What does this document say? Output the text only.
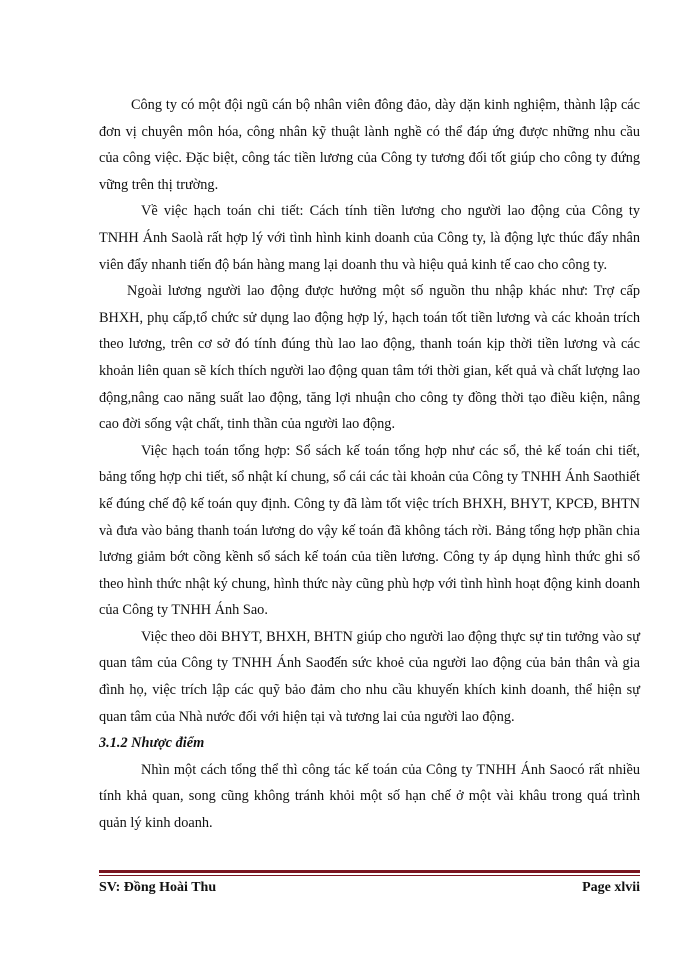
Công ty có một đội ngũ cán bộ nhân viên đông đảo, dày dặn kinh nghiệm, thành lập các đơn vị chuyên môn hóa, công nhân kỹ thuật lành nghề có thể đáp ứng được những nhu cầu của công việc. Đặc biệt, công tác tiền lương của Công ty tương đối tốt giúp cho công ty đứng vững trên thị trường.

Về việc hạch toán chi tiết: Cách tính tiền lương cho người lao động của Công ty TNHH Ánh Saolà rất hợp lý với tình hình kinh doanh của Công ty, là động lực thúc đẩy nhân viên đẩy nhanh tiến độ bán hàng mang lại doanh thu và hiệu quả kinh tế cao cho công ty.

Ngoài lương người lao động được hưởng một số nguồn thu nhập khác như: Trợ cấp BHXH, phụ cấp,tổ chức sử dụng lao động hợp lý, hạch toán tốt tiền lương và các khoản trích theo lương, trên cơ sở đó tính đúng thù lao lao động, thanh toán kịp thời tiền lương và các khoản liên quan sẽ kích thích người lao động quan tâm tới thời gian, kết quả và chất lượng lao động,nâng cao năng suất lao động, tăng lợi nhuận cho công ty đồng thời tạo điều kiện, nâng cao đời sống vật chất, tinh thần của người lao động.

Việc hạch toán tổng hợp: Sổ sách kế toán tổng hợp như các sổ, thẻ kế toán chi tiết, bảng tổng hợp chi tiết, sổ nhật kí chung, sổ cái các tài khoản của Công ty TNHH Ánh Saothiết kế đúng chế độ kế toán quy định. Công ty đã làm tốt việc trích BHXH, BHYT, KPCĐ, BHTN và đưa vào bảng thanh toán lương do vậy kế toán đã không tách rời. Bảng tổng hợp phần chia lương giảm bớt cồng kềnh sổ sách kế toán của tiền lương. Công ty áp dụng hình thức ghi sổ theo hình thức nhật ký chung, hình thức này cũng phù hợp với tình hình hoạt động kinh doanh của Công ty TNHH Ánh Sao.

Việc theo dõi BHYT, BHXH, BHTN giúp cho người lao động thực sự tin tưởng vào sự quan tâm của Công ty TNHH Ánh Saođến sức khoẻ của người lao động của bản thân và gia đình họ, việc trích lập các quỹ bảo đảm cho nhu cầu khuyến khích kinh doanh, thể hiện sự quan tâm của Nhà nước đối với hiện tại và tương lai của người lao động.

3.1.2 Nhược điểm

Nhìn một cách tổng thể thì công tác kế toán của Công ty TNHH Ánh Saocó rất nhiều tính khả quan, song cũng không tránh khỏi một số hạn chế ở một vài khâu trong quá trình quản lý kinh doanh.

SV: Đồng Hoài Thu	Page xlvii
